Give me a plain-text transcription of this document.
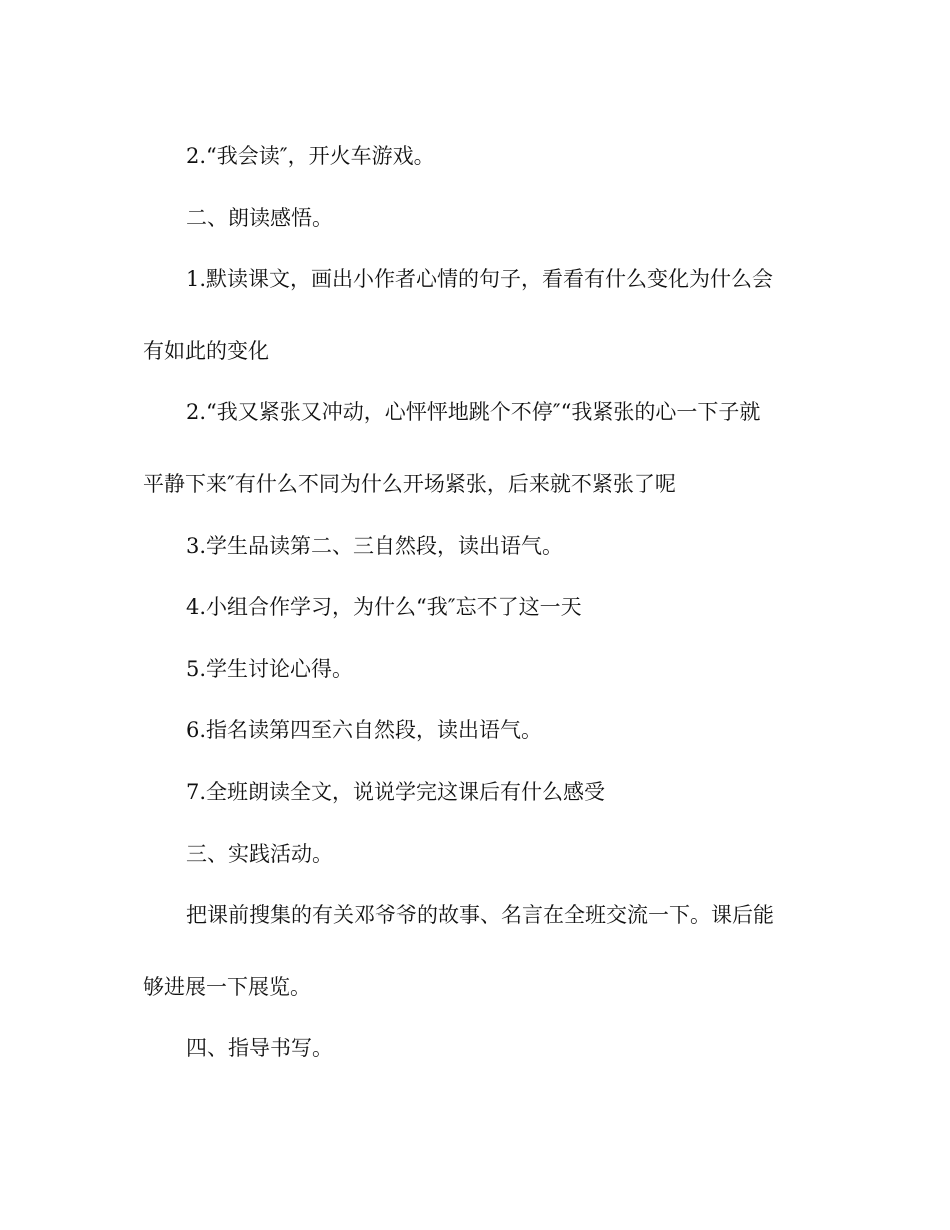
2.“我会读″，开火车游戏。

二、朗读感悟。

1.默读课文，画出小作者心情的句子，看看有什么变化为什么会

有如此的变化

2.“我又紧张又冲动，心怦怦地跳个不停″“我紧张的心一下子就

平静下来″有什么不同为什么开场紧张，后来就不紧张了呢

3.学生品读第二、三自然段，读出语气。

4.小组合作学习，为什么“我″忘不了这一天

5.学生讨论心得。

6.指名读第四至六自然段，读出语气。

7.全班朗读全文，说说学完这课后有什么感受

三、实践活动。

把课前搜集的有关邓爷爷的故事、名言在全班交流一下。课后能

够进展一下展览。

四、指导书写。
